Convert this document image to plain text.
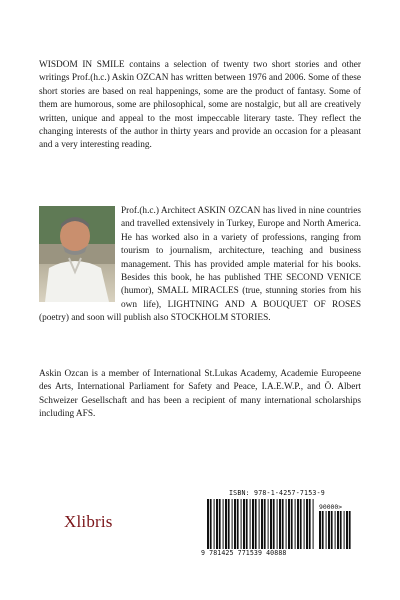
WISDOM IN SMILE contains a selection of twenty two short stories and other writings Prof.(h.c.) Askin OZCAN has written between 1976 and 2006. Some of these short stories are based on real happenings, some are the product of fantasy. Some of them are humorous, some are philosophical, some are nostalgic, but all are creatively written, unique and appeal to the most impeccable literary taste. They reflect the changing interests of the author in thirty years and provide an occasion for a pleasant and a very interesting reading.

Prof.(h.c.) Architect ASKIN OZCAN has lived in nine countries and travelled extensively in Turkey, Europe and North America. He has worked also in a variety of professions, ranging from tourism to journalism, architecture, teaching and business management. This has provided ample material for his books. Besides this book, he has published THE SECOND VENICE (humor), SMALL MIRACLES (true, stunning stories from his own life), LIGHTNING AND A BOUQUET OF ROSES (poetry) and soon will publish also STOCKHOLM STORIES.

Askin Ozcan is a member of International St.Lukas Academy, Academie Europeene des Arts, International Parliament for Safety and Peace, I.A.E.W.P., and Ö. Albert Schweizer Gesellschaft and has been a recipient of many international scholarships including AFS.

Xlibris
ISBN: 978-1-4257-7153-9
90000>
9 781425 771539 40888
